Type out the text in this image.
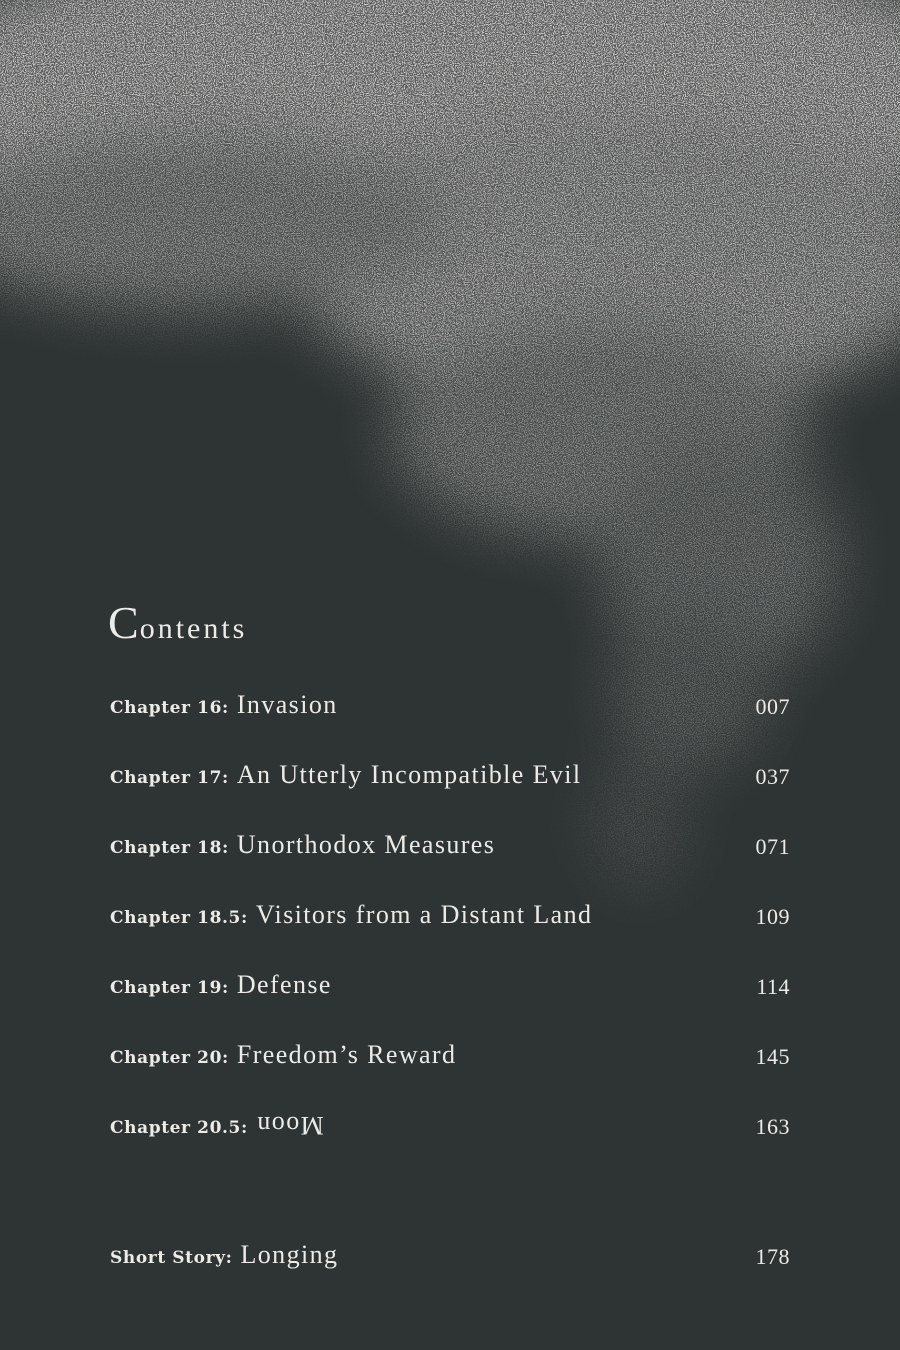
Contents
Chapter 16: Invasion	007
Chapter 17: An Utterly Incompatible Evil	037
Chapter 18: Unorthodox Measures	071
Chapter 18.5: Visitors from a Distant Land	109
Chapter 19: Defense	114
Chapter 20: Freedom’s Reward	145
Chapter 20.5: Moon	163
Short Story: Longing	178
